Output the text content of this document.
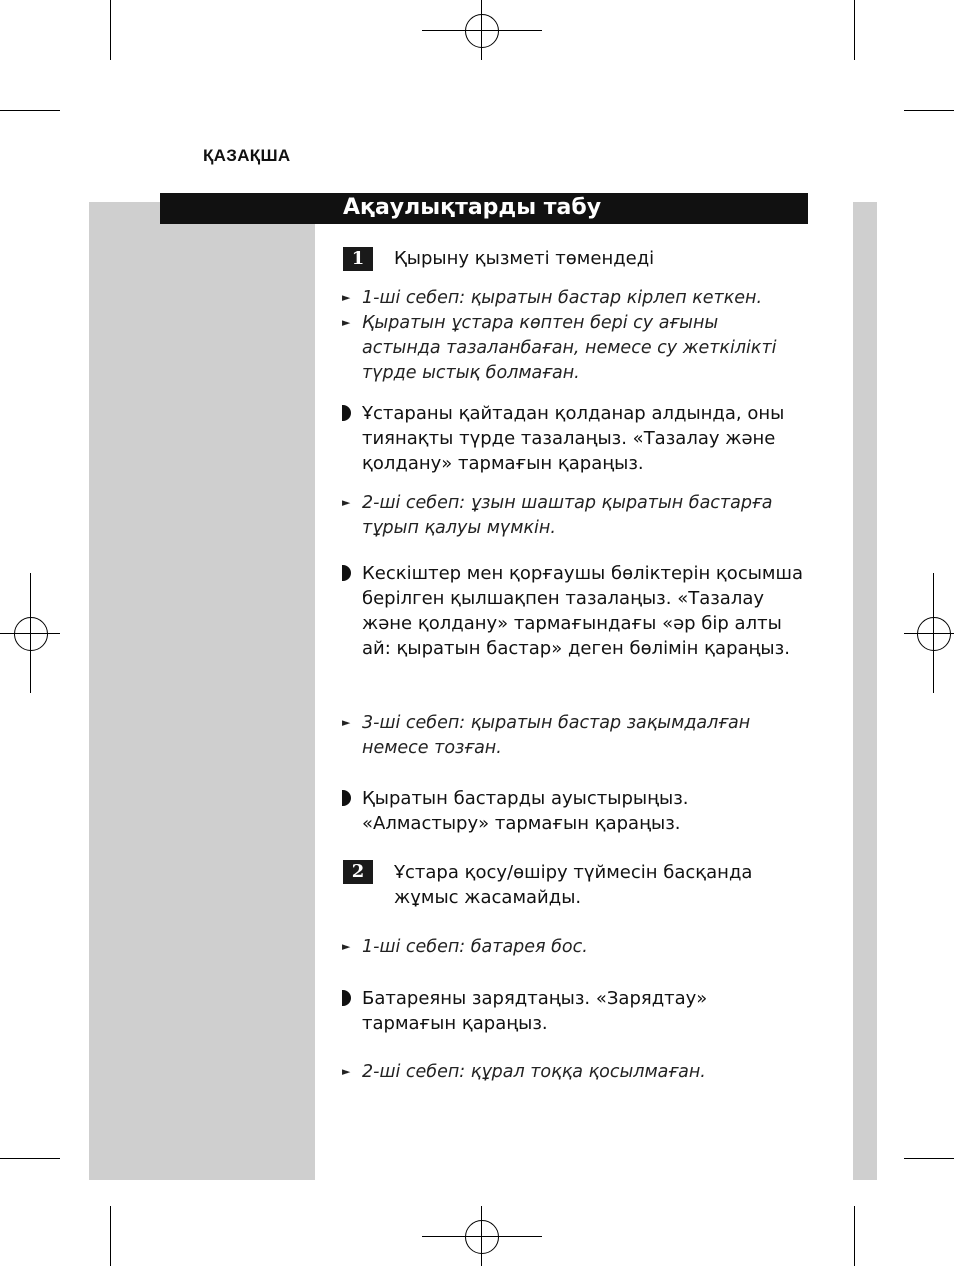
ҚАЗАҚША
Ақаулықтарды табу
1	Қырыну қызметі төмендеді
► 1-ші себеп: қыратын бастар кірлеп кеткен.
► Қыратын ұстара көптен бері су ағыны астында тазаланбаған, немесе су жеткілікті түрде ыстық болмаған.
Ұстараны қайтадан қолданар алдында, оны тиянақты түрде тазалаңыз. «Тазалау және қолдану» тармағын қараңыз.
► 2-ші себеп: ұзын шаштар қыратын бастарға тұрып қалуы мүмкін.
Кескіштер мен қорғаушы бөліктерін қосымша берілген қылшақпен тазалаңыз. «Тазалау және қолдану» тармағындағы «әр бір алты ай: қыратын бастар» деген бөлімін қараңыз.
► 3-ші себеп: қыратын бастар зақымдалған немесе тозған.
Қыратын бастарды ауыстырыңыз. «Алмастыру» тармағын қараңыз.
2	Ұстара қосу/өшіру түймесін басқанда жұмыс жасамайды.
► 1-ші себеп: батарея бос.
Батареяны зарядтаңыз. «Зарядтау» тармағын қараңыз.
► 2-ші себеп: құрал тоққа қосылмаған.
